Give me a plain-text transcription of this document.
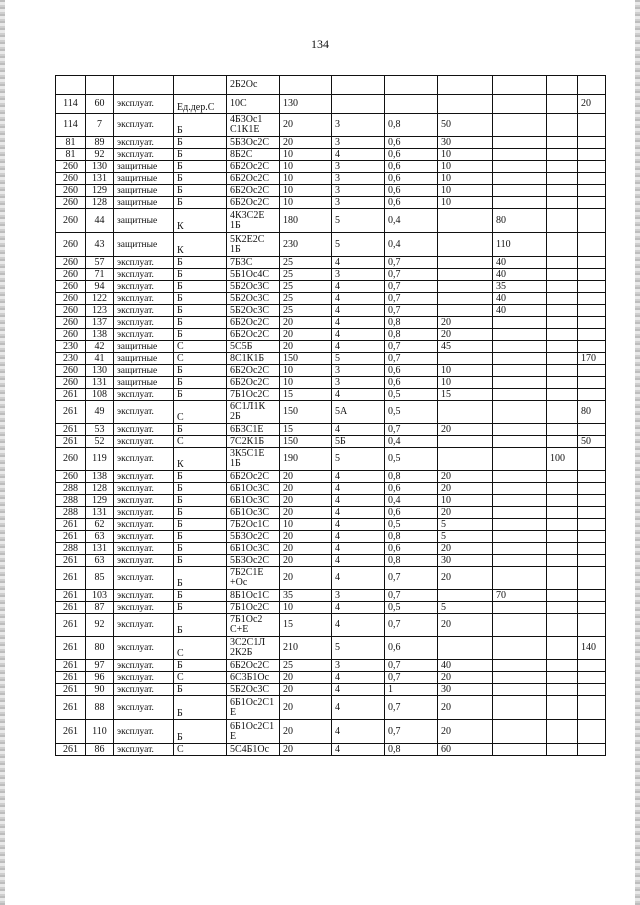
134
				2Б2Ос							
114	60	эксплуат.	Ед.дер.С	10С	130						20
114	7	эксплуат.	Б	4Б3Ос1
С1К1Е	20	3	0,8	50			
81	89	эксплуат.	Б	5Б3Ос2С	20	3	0,6	30			
81	92	эксплуат.	Б	8Б2С	10	4	0,6	10			
260	130	защитные	Б	6Б2Ос2С	10	3	0,6	10			
260	131	защитные	Б	6Б2Ос2С	10	3	0,6	10			
260	129	защитные	Б	6Б2Ос2С	10	3	0,6	10			
260	128	защитные	Б	6Б2Ос2С	10	3	0,6	10			
260	44	защитные	К	4К3С2Е
1Б	180	5	0,4		80		
260	43	защитные	К	5К2Е2С
1Б	230	5	0,4		110		
260	57	эксплуат.	Б	7Б3С	25	4	0,7		40		
260	71	эксплуат.	Б	5Б1Ос4С	25	3	0,7		40		
260	94	эксплуат.	Б	5Б2Ос3С	25	4	0,7		35		
260	122	эксплуат.	Б	5Б2Ос3С	25	4	0,7		40		
260	123	эксплуат.	Б	5Б2Ос3С	25	4	0,7		40		
260	137	эксплуат.	Б	6Б2Ос2С	20	4	0,8	20			
260	138	эксплуат.	Б	6Б2Ос2С	20	4	0,8	20			
230	42	защитные	С	5С5Б	20	4	0,7	45			
230	41	защитные	С	8С1К1Б	150	5	0,7				170
260	130	защитные	Б	6Б2Ос2С	10	3	0,6	10			
260	131	защитные	Б	6Б2Ос2С	10	3	0,6	10			
261	108	эксплуат.	Б	7Б1Ос2С	15	4	0,5	15			
261	49	эксплуат.	С	6С1Л1К
2Б	150	5А	0,5				80
261	53	эксплуат.	Б	6Б3С1Е	15	4	0,7	20			
261	52	эксплуат.	С	7С2К1Б	150	5Б	0,4				50
260	119	эксплуат.	К	3К5С1Е
1Б	190	5	0,5			100	
260	138	эксплуат.	Б	6Б2Ос2С	20	4	0,8	20			
288	128	эксплуат.	Б	6Б1Ос3С	20	4	0,6	20			
288	129	эксплуат.	Б	6Б1Ос3С	20	4	0,4	10			
288	131	эксплуат.	Б	6Б1Ос3С	20	4	0,6	20			
261	62	эксплуат.	Б	7Б2Ос1С	10	4	0,5	5			
261	63	эксплуат.	Б	5Б3Ос2С	20	4	0,8	5			
288	131	эксплуат.	Б	6Б1Ос3С	20	4	0,6	20			
261	63	эксплуат.	Б	5Б3Ос2С	20	4	0,8	30			
261	85	эксплуат.	Б	7Б2С1Е
+Ос	20	4	0,7	20			
261	103	эксплуат.	Б	8Б1Ос1С	35	3	0,7		70		
261	87	эксплуат.	Б	7Б1Ос2С	10	4	0,5	5			
261	92	эксплуат.	Б	7Б1Ос2
С+Е	15	4	0,7	20			
261	80	эксплуат.	С	3С2С1Л
2К2Б	210	5	0,6				140
261	97	эксплуат.	Б	6Б2Ос2С	25	3	0,7	40			
261	96	эксплуат.	С	6С3Б1Ос	20	4	0,7	20			
261	90	эксплуат.	Б	5Б2Ос3С	20	4	1	30			
261	88	эксплуат.	Б	6Б1Ос2С1
Е	20	4	0,7	20			
261	110	эксплуат.	Б	6Б1Ос2С1
Е	20	4	0,7	20			
261	86	эксплуат.	С	5С4Б1Ос	20	4	0,8	60			
